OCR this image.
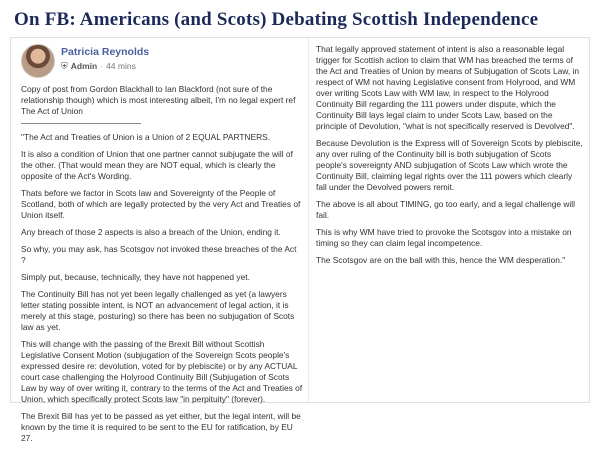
On FB: Americans (and Scots) Debating Scottish Independence
Patricia Reynolds
⛨ Admin · 44 mins

Copy of post from Gordon Blackhall to Ian Blackford (not sure of the relationship though) which is most interesting albeit, I'm no legal expert ref The Act of Union

"The Act and Treaties of Union is a Union of 2 EQUAL PARTNERS.

It is also a condition of Union that one partner cannot subjugate the will of the other. (That would mean they are NOT equal, which is clearly the opposite of the Act's Wording.

Thats before we factor in Scots law and Sovereignty of the People of Scotland, both of which are legally protected by the very Act and Treaties of Union itself.

Any breach of those 2 aspects is also a breach of the Union, ending it.

So why, you may ask, has Scotsgov not invoked these breaches of the Act ?

Simply put, because, technically, they have not happened yet.

The Continuity Bill has not yet been legally challenged as yet (a lawyers letter stating possible intent, is NOT an advancement of legal action, it is merely at this stage, posturing) so there has been no subjugation of Scots law as yet.

This will change with the passing of the Brexit Bill without Scottish Legislative Consent Motion (subjugation of the Sovereign Scots people's expressed desire re: devolution, voted for by plebiscite) or by any ACTUAL court case challenging the Holyrood Continuity Bill (Subjugation of Scots Law by way of over writing it, contrary to the terms of the Act and Treaties of Union, which specifically protect Scots law "in perpituity" (forever).

The Brexit Bill has yet to be passed as yet either, but the legal intent, will be known by the time it is required to be sent to the EU for ratification, by EU 27.

That legally approved statement of intent is also a reasonable legal trigger for Scottish action to claim that WM has breached the terms of the Act and Treaties of Union by means of Subjugation of Scots Law, in respect of WM not having Legislative consent from Holyrood, and WM over writing Scots Law with WM law, in respect to the Holyrood Continuity Bill regarding the 111 powers under dispute, which the Continuity Bill lays legal claim to under Scots Law, based on the principle of Devolution, "what is not specifically reserved is Devolved".

Because Devolution is the Express will of Sovereign Scots by plebiscite, any over ruling of the Continuity bill is both subjugation of Scots people's sovereignty AND subjugation of Scots Law which wrote the Continuity Bill, claiming legal rights over the 111 powers which clearly fall under the Devolved powers remit.

The above is all about TIMING, go too early, and a legal challenge will fail.

This is why WM have tried to provoke the Scotsgov into a mistake on timing so they can claim legal incompetence.

The Scotsgov are on the ball with this, hence the WM desperation."
